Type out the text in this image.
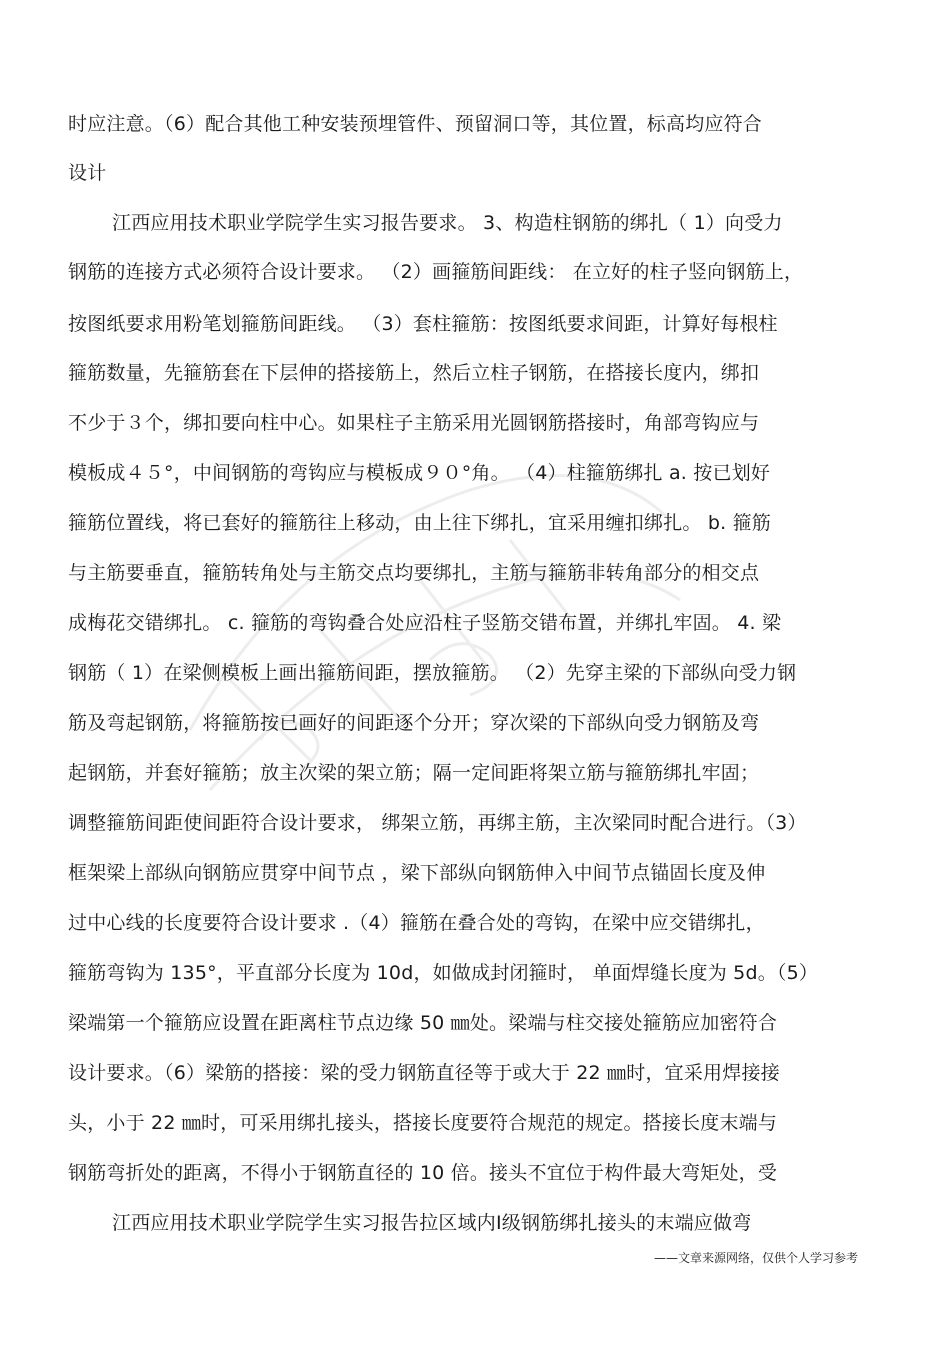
时应注意。（6）配合其他工种安装预埋管件、预留洞口等，其位置，标高均应符合
设计
江西应用技术职业学院学生实习报告要求。 3、构造柱钢筋的绑扎（ 1）向受力
钢筋的连接方式必须符合设计要求。 （2）画箍筋间距线： 在立好的柱子竖向钢筋上，
按图纸要求用粉笔划箍筋间距线。 （3）套柱箍筋：按图纸要求间距，计算好每根柱
箍筋数量，先箍筋套在下层伸的搭接筋上，然后立柱子钢筋，在搭接长度内，绑扣
不少于３个，绑扣要向柱中心。如果柱子主筋采用光圆钢筋搭接时，角部弯钩应与
模板成４５°，中间钢筋的弯钩应与模板成９０°角。 （4）柱箍筋绑扎 a. 按已划好
箍筋位置线，将已套好的箍筋往上移动，由上往下绑扎，宜采用缠扣绑扎。 b. 箍筋
与主筋要垂直，箍筋转角处与主筋交点均要绑扎，主筋与箍筋非转角部分的相交点
成梅花交错绑扎。 c. 箍筋的弯钩叠合处应沿柱子竖筋交错布置，并绑扎牢固。 4. 梁
钢筋（ 1）在梁侧模板上画出箍筋间距，摆放箍筋。 （2）先穿主梁的下部纵向受力钢
筋及弯起钢筋，将箍筋按已画好的间距逐个分开；穿次梁的下部纵向受力钢筋及弯
起钢筋，并套好箍筋；放主次梁的架立筋；隔一定间距将架立筋与箍筋绑扎牢固；
调整箍筋间距使间距符合设计要求， 绑架立筋，再绑主筋，主次梁同时配合进行。（3）
框架梁上部纵向钢筋应贯穿中间节点 ，梁下部纵向钢筋伸入中间节点锚固长度及伸
过中心线的长度要符合设计要求 .（4）箍筋在叠合处的弯钩，在梁中应交错绑扎，
箍筋弯钩为 135°，平直部分长度为 10d，如做成封闭箍时， 单面焊缝长度为 5d。（5）
梁端第一个箍筋应设置在距离柱节点边缘 50 ㎜处。梁端与柱交接处箍筋应加密符合
设计要求。（6）梁筋的搭接：梁的受力钢筋直径等于或大于 22 ㎜时，宜采用焊接接
头，小于 22 ㎜时，可采用绑扎接头，搭接长度要符合规范的规定。搭接长度末端与
钢筋弯折处的距离，不得小于钢筋直径的 10 倍。接头不宜位于构件最大弯矩处，受
江西应用技术职业学院学生实习报告拉区域内Ⅰ级钢筋绑扎接头的末端应做弯
——文章来源网络，仅供个人学习参考
